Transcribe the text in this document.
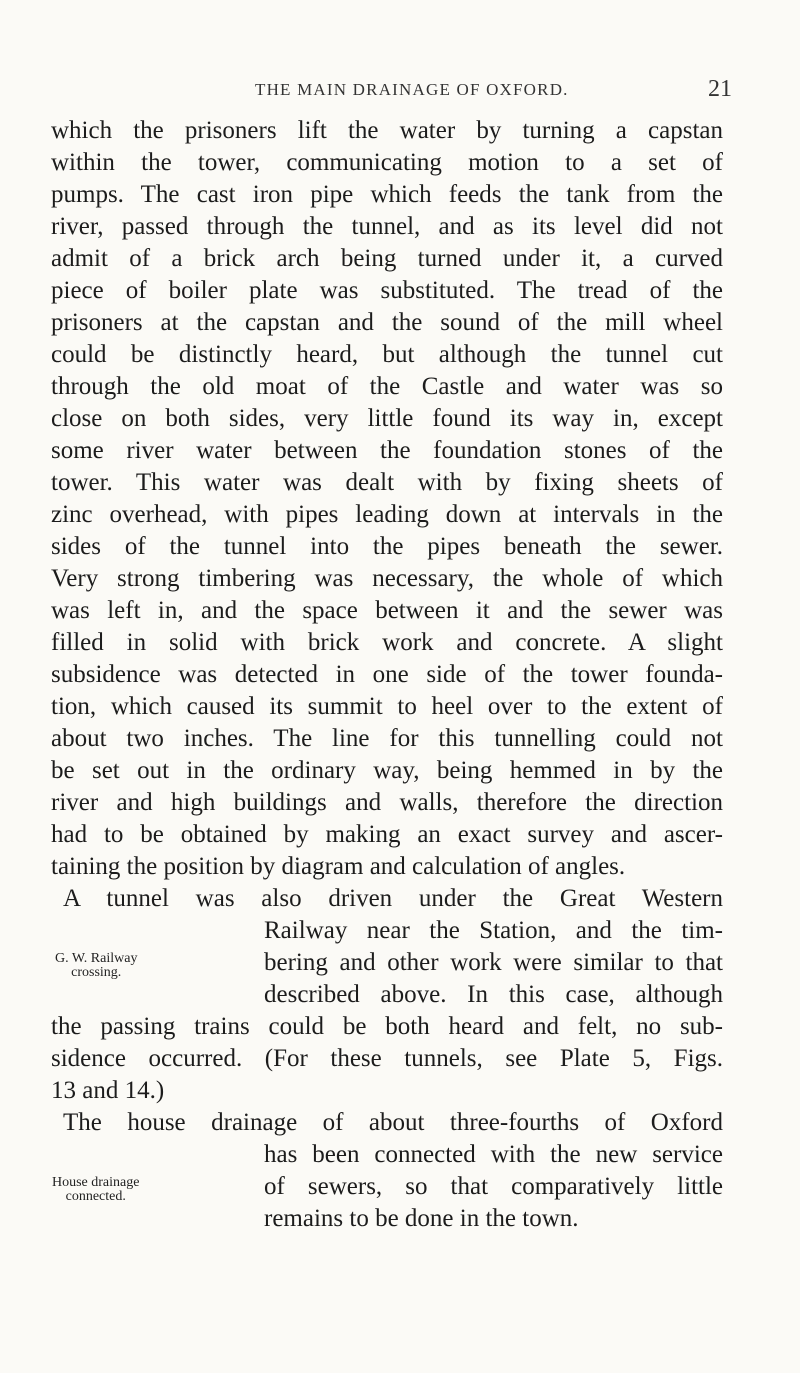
THE MAIN DRAINAGE OF OXFORD.	21
which the prisoners lift the water by turning a capstan
within the tower, communicating motion to a set of
pumps. The cast iron pipe which feeds the tank from the
river, passed through the tunnel, and as its level did not
admit of a brick arch being turned under it, a curved
piece of boiler plate was substituted. The tread of the
prisoners at the capstan and the sound of the mill wheel
could be distinctly heard, but although the tunnel cut
through the old moat of the Castle and water was so
close on both sides, very little found its way in, except
some river water between the foundation stones of the
tower. This water was dealt with by fixing sheets of
zinc overhead, with pipes leading down at intervals in the
sides of the tunnel into the pipes beneath the sewer.
Very strong timbering was necessary, the whole of which
was left in, and the space between it and the sewer was
filled in solid with brick work and concrete. A slight
subsidence was detected in one side of the tower founda-
tion, which caused its summit to heel over to the extent of
about two inches. The line for this tunnelling could not
be set out in the ordinary way, being hemmed in by the
river and high buildings and walls, therefore the direction
had to be obtained by making an exact survey and ascer-
taining the position by diagram and calculation of angles.
A tunnel was also driven under the Great Western
Railway near the Station, and the tim-
bering and other work were similar to that
described above. In this case, although
the passing trains could be both heard and felt, no sub-
sidence occurred. (For these tunnels, see Plate 5, Figs.
13 and 14.)
G. W. Railway
crossing.
The house drainage of about three-fourths of Oxford
has been connected with the new service
of sewers, so that comparatively little
remains to be done in the town.
House drainage
connected.
